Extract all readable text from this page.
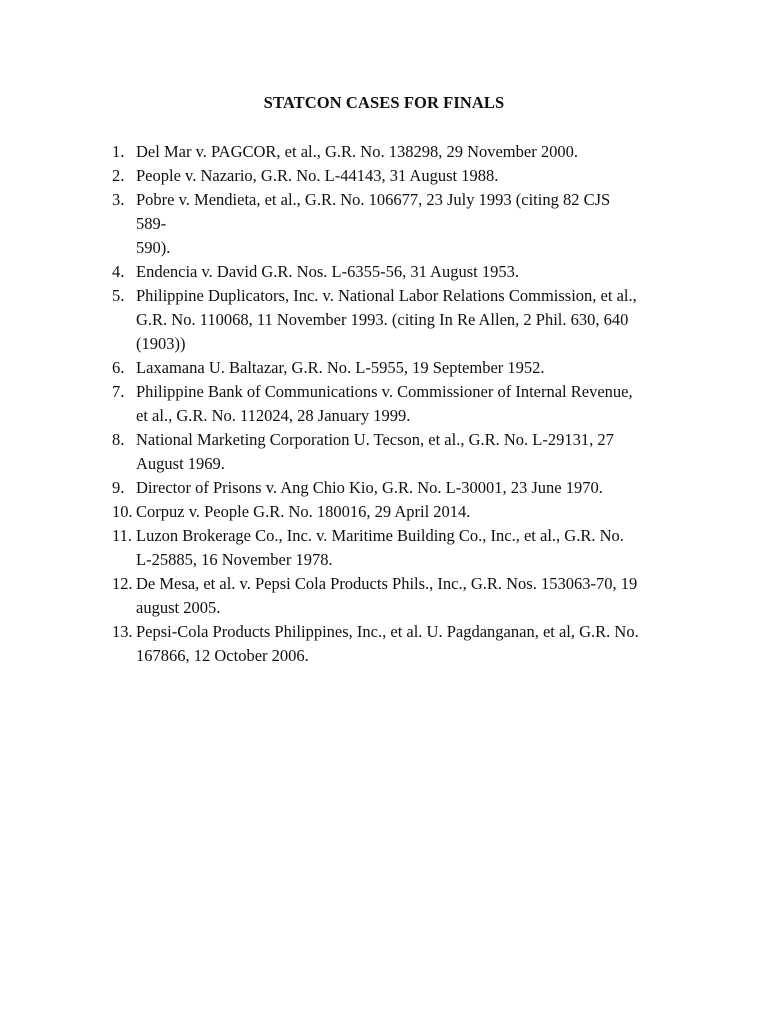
STATCON CASES FOR FINALS
1. Del Mar v. PAGCOR, et al., G.R. No. 138298, 29 November 2000.
2. People v. Nazario, G.R. No. L-44143, 31 August 1988.
3. Pobre v. Mendieta, et al., G.R. No. 106677, 23 July 1993 (citing 82 CJS
589-
590).
4. Endencia v. David G.R. Nos. L-6355-56, 31 August 1953.
5. Philippine Duplicators, Inc. v. National Labor Relations Commission, et al.,
G.R. No. 110068, 11 November 1993. (citing In Re Allen, 2 Phil. 630, 640
(1903))
6. Laxamana U. Baltazar, G.R. No. L-5955, 19 September 1952.
7. Philippine Bank of Communications v. Commissioner of Internal Revenue,
et al., G.R. No. 112024, 28 January 1999.
8. National Marketing Corporation U. Tecson, et al., G.R. No. L-29131, 27
August 1969.
9. Director of Prisons v. Ang Chio Kio, G.R. No. L-30001, 23 June 1970.
10. Corpuz v. People G.R. No. 180016, 29 April 2014.
11. Luzon Brokerage Co., Inc. v. Maritime Building Co., Inc., et al., G.R. No.
L-25885, 16 November 1978.
12. De Mesa, et al. v. Pepsi Cola Products Phils., Inc., G.R. Nos. 153063-70, 19
august 2005.
13. Pepsi-Cola Products Philippines, Inc., et al. U. Pagdanganan, et al, G.R. No.
167866, 12 October 2006.
